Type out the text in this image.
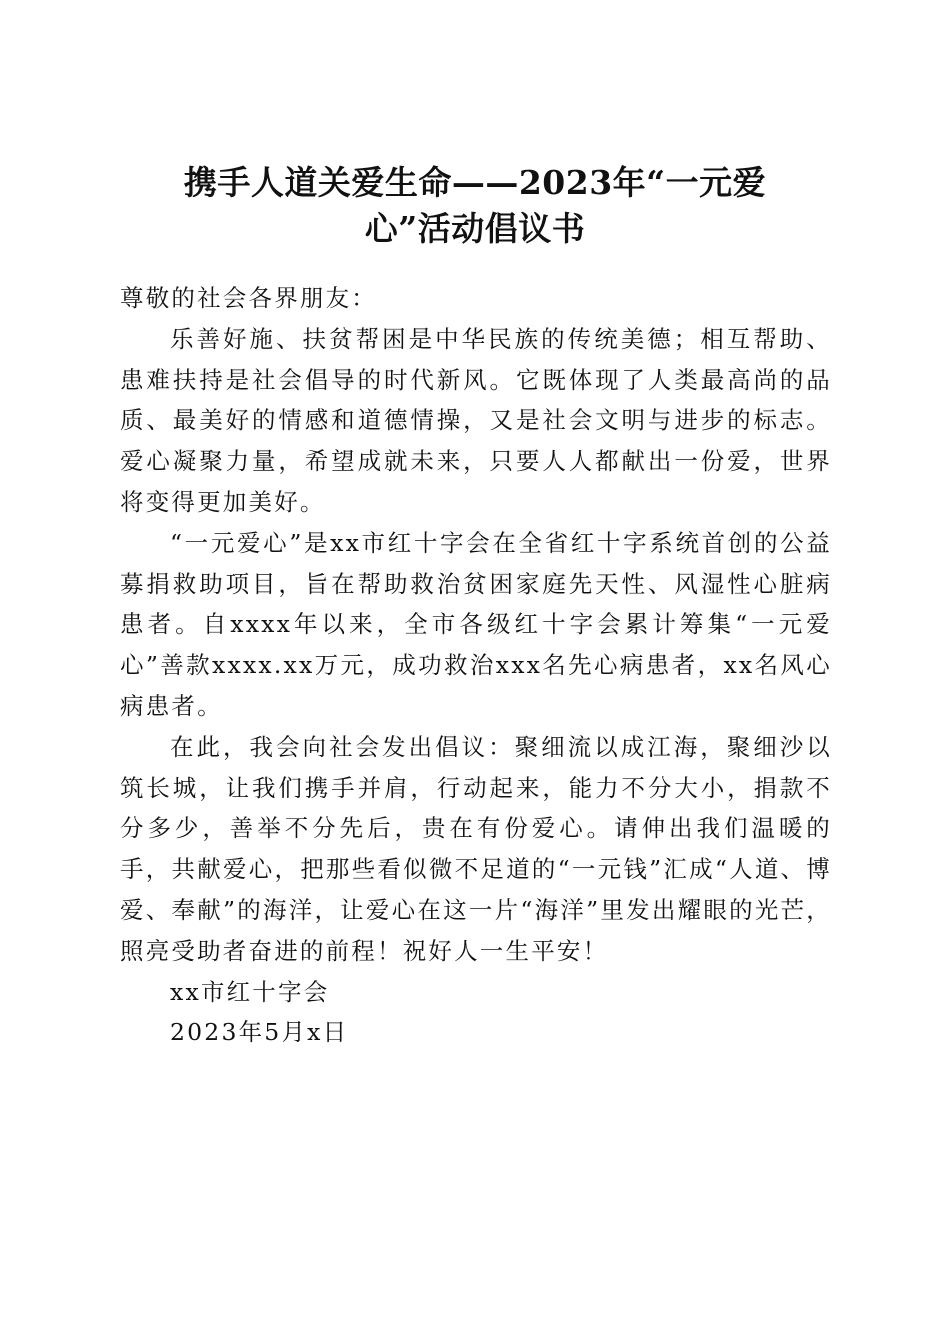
携手人道关爱生命——2023年“一元爱
心”活动倡议书

尊敬的社会各界朋友：

乐善好施、扶贫帮困是中华民族的传统美德；相互帮助、患难扶持是社会倡导的时代新风。它既体现了人类最高尚的品质、最美好的情感和道德情操，又是社会文明与进步的标志。爱心凝聚力量，希望成就未来，只要人人都献出一份爱，世界将变得更加美好。

“一元爱心”是xx市红十字会在全省红十字系统首创的公益募捐救助项目，旨在帮助救治贫困家庭先天性、风湿性心脏病患者。自xxxx年以来，全市各级红十字会累计筹集“一元爱心”善款xxxx.xx万元，成功救治xxx名先心病患者，xx名风心病患者。

在此，我会向社会发出倡议：聚细流以成江海，聚细沙以筑长城，让我们携手并肩，行动起来，能力不分大小，捐款不分多少，善举不分先后，贵在有份爱心。请伸出我们温暖的手，共献爱心，把那些看似微不足道的“一元钱”汇成“人道、博爱、奉献”的海洋，让爱心在这一片“海洋”里发出耀眼的光芒，照亮受助者奋进的前程！祝好人一生平安！

xx市红十字会

2023年5月x日
